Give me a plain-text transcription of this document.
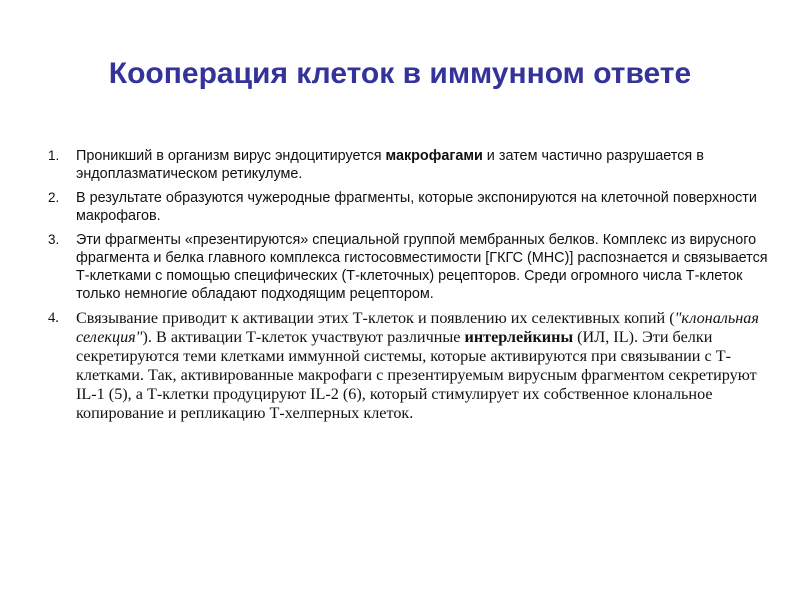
Кооперация клеток в иммунном ответе
1. Проникший в организм вирус эндоцитируется макрофагами и затем частично разрушается в эндоплазматическом ретикулуме.
2. В результате образуются чужеродные фрагменты, которые экспонируются на клеточной поверхности макрофагов.
3. Эти фрагменты «презентируются» специальной группой мембранных белков. Комплекс из вирусного фрагмента и белка главного комплекса гистосовместимости [ГКГС (МНС)] распознается и связывается Т-клетками с помощью специфических (Т-клеточных) рецепторов. Среди огромного числа Т-клеток только немногие обладают подходящим рецептором.
4. Связывание приводит к активации этих Т-клеток и появлению их селективных копий ("клональная селекция"). В активации Т-клеток участвуют различные интерлейкины (ИЛ, IL). Эти белки секретируются теми клетками иммунной системы, которые активируются при связывании с Т-клетками. Так, активированные макрофаги с презентируемым вирусным фрагментом секретируют IL-1 (5), а Т-клетки продуцируют IL-2 (6), который стимулирует их собственное клональное копирование и репликацию Т-хелперных клеток.
